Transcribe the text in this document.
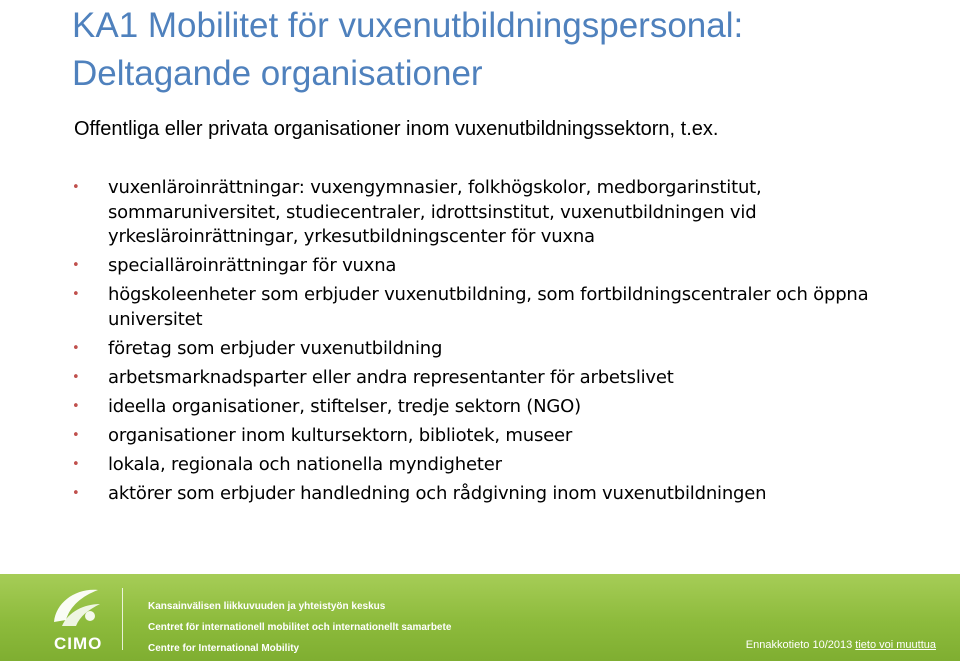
KA1 Mobilitet för vuxenutbildningspersonal:
Deltagande organisationer
Offentliga eller privata organisationer inom vuxenutbildningssektorn, t.ex.
• vuxenläroinrättningar: vuxengymnasier, folkhögskolor, medborgarinstitut, sommaruniversitet, studiecentraler, idrottsinstitut, vuxenutbildningen vid yrkesläroinrättningar, yrkesutbildningscenter för vuxna
• specialläroinrättningar för vuxna
• högskoleenheter som erbjuder vuxenutbildning, som fortbildningscentraler och öppna universitet
• företag som erbjuder vuxenutbildning
• arbetsmarknadsparter eller andra representanter för arbetslivet
• ideella organisationer, stiftelser, tredje sektorn (NGO)
• organisationer inom kultursektorn, bibliotek, museer
• lokala, regionala och nationella myndigheter
• aktörer som erbjuder handledning och rådgivning inom vuxenutbildningen
CIMO
Kansainvälisen liikkuvuuden ja yhteistyön keskus
Centret för internationell mobilitet och internationellt samarbete
Centre for International Mobility	Ennakkotieto 10/2013 tieto voi muuttua
